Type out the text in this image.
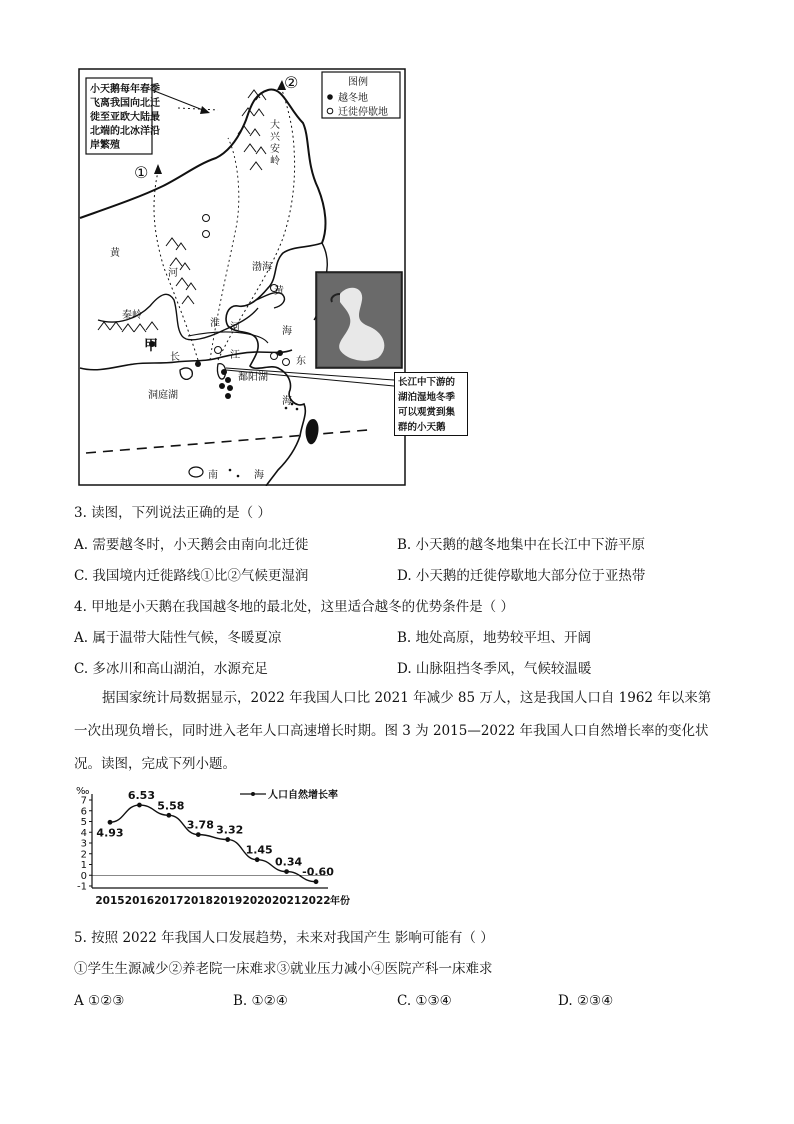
小天鹅每年春季
飞离我国向北迁
徙至亚欧大陆最
北端的北冰洋沿
岸繁殖
图例
越冬地
迁徙停歇地
①
②
大
兴
安
岭
黄
河
渤海
黄
海
东
海
淮 河
秦岭
甲
长	江
洞庭湖
鄱阳湖
南	海
长江中下游的
湖泊湿地冬季
可以观赏到集
群的小天鹅
3. 读图，下列说法正确的是（ ）
A. 需要越冬时，小天鹅会由南向北迁徙	B. 小天鹅的越冬地集中在长江中下游平原
C. 我国境内迁徙路线①比②气候更湿润	D. 小天鹅的迁徙停歇地大部分位于亚热带
4. 甲地是小天鹅在我国越冬地的最北处，这里适合越冬的优势条件是（ ）
A. 属于温带大陆性气候，冬暖夏凉	B. 地处高原，地势较平坦、开阔
C. 多冰川和高山湖泊，水源充足	D. 山脉阻挡冬季风，气候较温暖
据国家统计局数据显示，2022 年我国人口比 2021 年减少 85 万人，这是我国人口自 1962 年以来第一次出现负增长，同时进入老年人口高速增长时期。图 3 为 2015—2022 年我国人口自然增长率的变化状况。读图，完成下列小题。
7
6
5
4
3
2
1
0
-1
4.93
6.53
5.58
3.78 3.32
1.45
0.34
-0.60
2015 2016 2017 2018 2019 2020 2021 2022 年份
‰	人口自然增长率
5. 按照 2022 年我国人口发展趋势，未来对我国产生 影响可能有（ ）
①学生生源减少②养老院一床难求③就业压力减小④医院产科一床难求
A ①②③	B. ①②④	C. ①③④	D. ②③④
